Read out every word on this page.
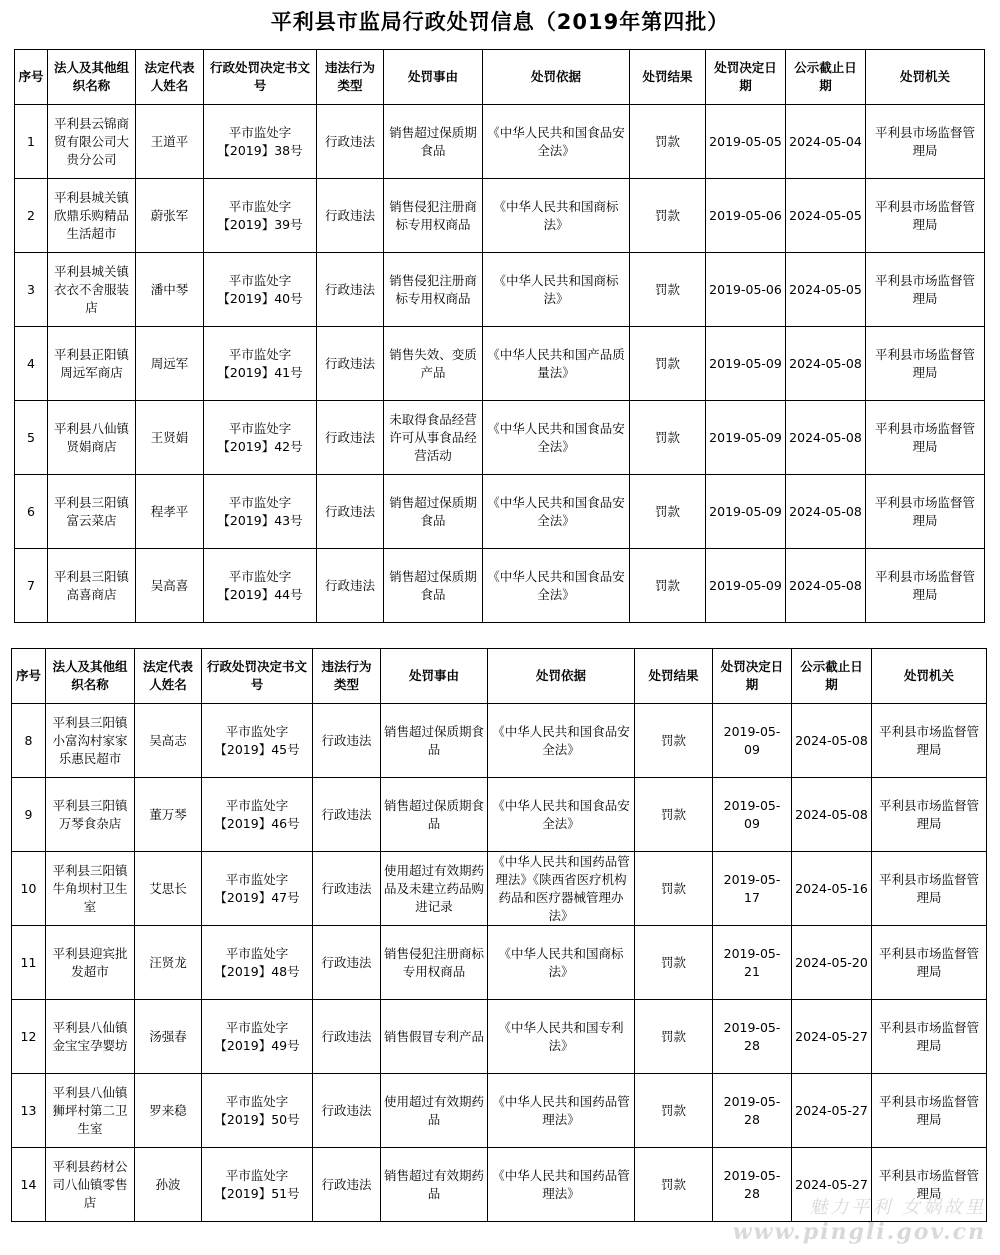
平利县市监局行政处罚信息（2019年第四批）
序号	法人及其他组织名称	法定代表人姓名	行政处罚决定书文号	违法行为类型	处罚事由	处罚依据	处罚结果	处罚决定日期	公示截止日期	处罚机关
1	平利县云锦商贸有限公司大贵分公司	王道平	平市监处字【2019】38号	行政违法	销售超过保质期食品	《中华人民共和国食品安全法》	罚款	2019-05-05	2024-05-04	平利县市场监督管理局
2	平利县城关镇欣鼎乐购精品生活超市	蔚张军	平市监处字【2019】39号	行政违法	销售侵犯注册商标专用权商品	《中华人民共和国商标法》	罚款	2019-05-06	2024-05-05	平利县市场监督管理局
3	平利县城关镇衣衣不舍服装店	潘中琴	平市监处字【2019】40号	行政违法	销售侵犯注册商标专用权商品	《中华人民共和国商标法》	罚款	2019-05-06	2024-05-05	平利县市场监督管理局
4	平利县正阳镇周远军商店	周远军	平市监处字【2019】41号	行政违法	销售失效、变质产品	《中华人民共和国产品质量法》	罚款	2019-05-09	2024-05-08	平利县市场监督管理局
5	平利县八仙镇贤娟商店	王贤娟	平市监处字【2019】42号	行政违法	未取得食品经营许可从事食品经营活动	《中华人民共和国食品安全法》	罚款	2019-05-09	2024-05-08	平利县市场监督管理局
6	平利县三阳镇富云菜店	程孝平	平市监处字【2019】43号	行政违法	销售超过保质期食品	《中华人民共和国食品安全法》	罚款	2019-05-09	2024-05-08	平利县市场监督管理局
7	平利县三阳镇高喜商店	吴高喜	平市监处字【2019】44号	行政违法	销售超过保质期食品	《中华人民共和国食品安全法》	罚款	2019-05-09	2024-05-08	平利县市场监督管理局
序号	法人及其他组织名称	法定代表人姓名	行政处罚决定书文号	违法行为类型	处罚事由	处罚依据	处罚结果	处罚决定日期	公示截止日期	处罚机关
8	平利县三阳镇小富沟村家家乐惠民超市	吴高志	平市监处字【2019】45号	行政违法	销售超过保质期食品	《中华人民共和国食品安全法》	罚款	2019-05-09	2024-05-08	平利县市场监督管理局
9	平利县三阳镇万琴食杂店	董万琴	平市监处字【2019】46号	行政违法	销售超过保质期食品	《中华人民共和国食品安全法》	罚款	2019-05-09	2024-05-08	平利县市场监督管理局
10	平利县三阳镇牛角坝村卫生室	艾思长	平市监处字【2019】47号	行政违法	使用超过有效期药品及未建立药品购进记录	《中华人民共和国药品管理法》《陕西省医疗机构药品和医疗器械管理办法》	罚款	2019-05-17	2024-05-16	平利县市场监督管理局
11	平利县迎宾批发超市	汪贤龙	平市监处字【2019】48号	行政违法	销售侵犯注册商标专用权商品	《中华人民共和国商标法》	罚款	2019-05-21	2024-05-20	平利县市场监督管理局
12	平利县八仙镇金宝宝孕婴坊	汤强春	平市监处字【2019】49号	行政违法	销售假冒专利产品	《中华人民共和国专利法》	罚款	2019-05-28	2024-05-27	平利县市场监督管理局
13	平利县八仙镇狮坪村第二卫生室	罗来稳	平市监处字【2019】50号	行政违法	使用超过有效期药品	《中华人民共和国药品管理法》	罚款	2019-05-28	2024-05-27	平利县市场监督管理局
14	平利县药材公司八仙镇零售店	孙波	平市监处字【2019】51号	行政违法	销售超过有效期药品	《中华人民共和国药品管理法》	罚款	2019-05-28	2024-05-27	平利县市场监督管理局
魅力平利 女娲故里
www.pingli.gov.cn
